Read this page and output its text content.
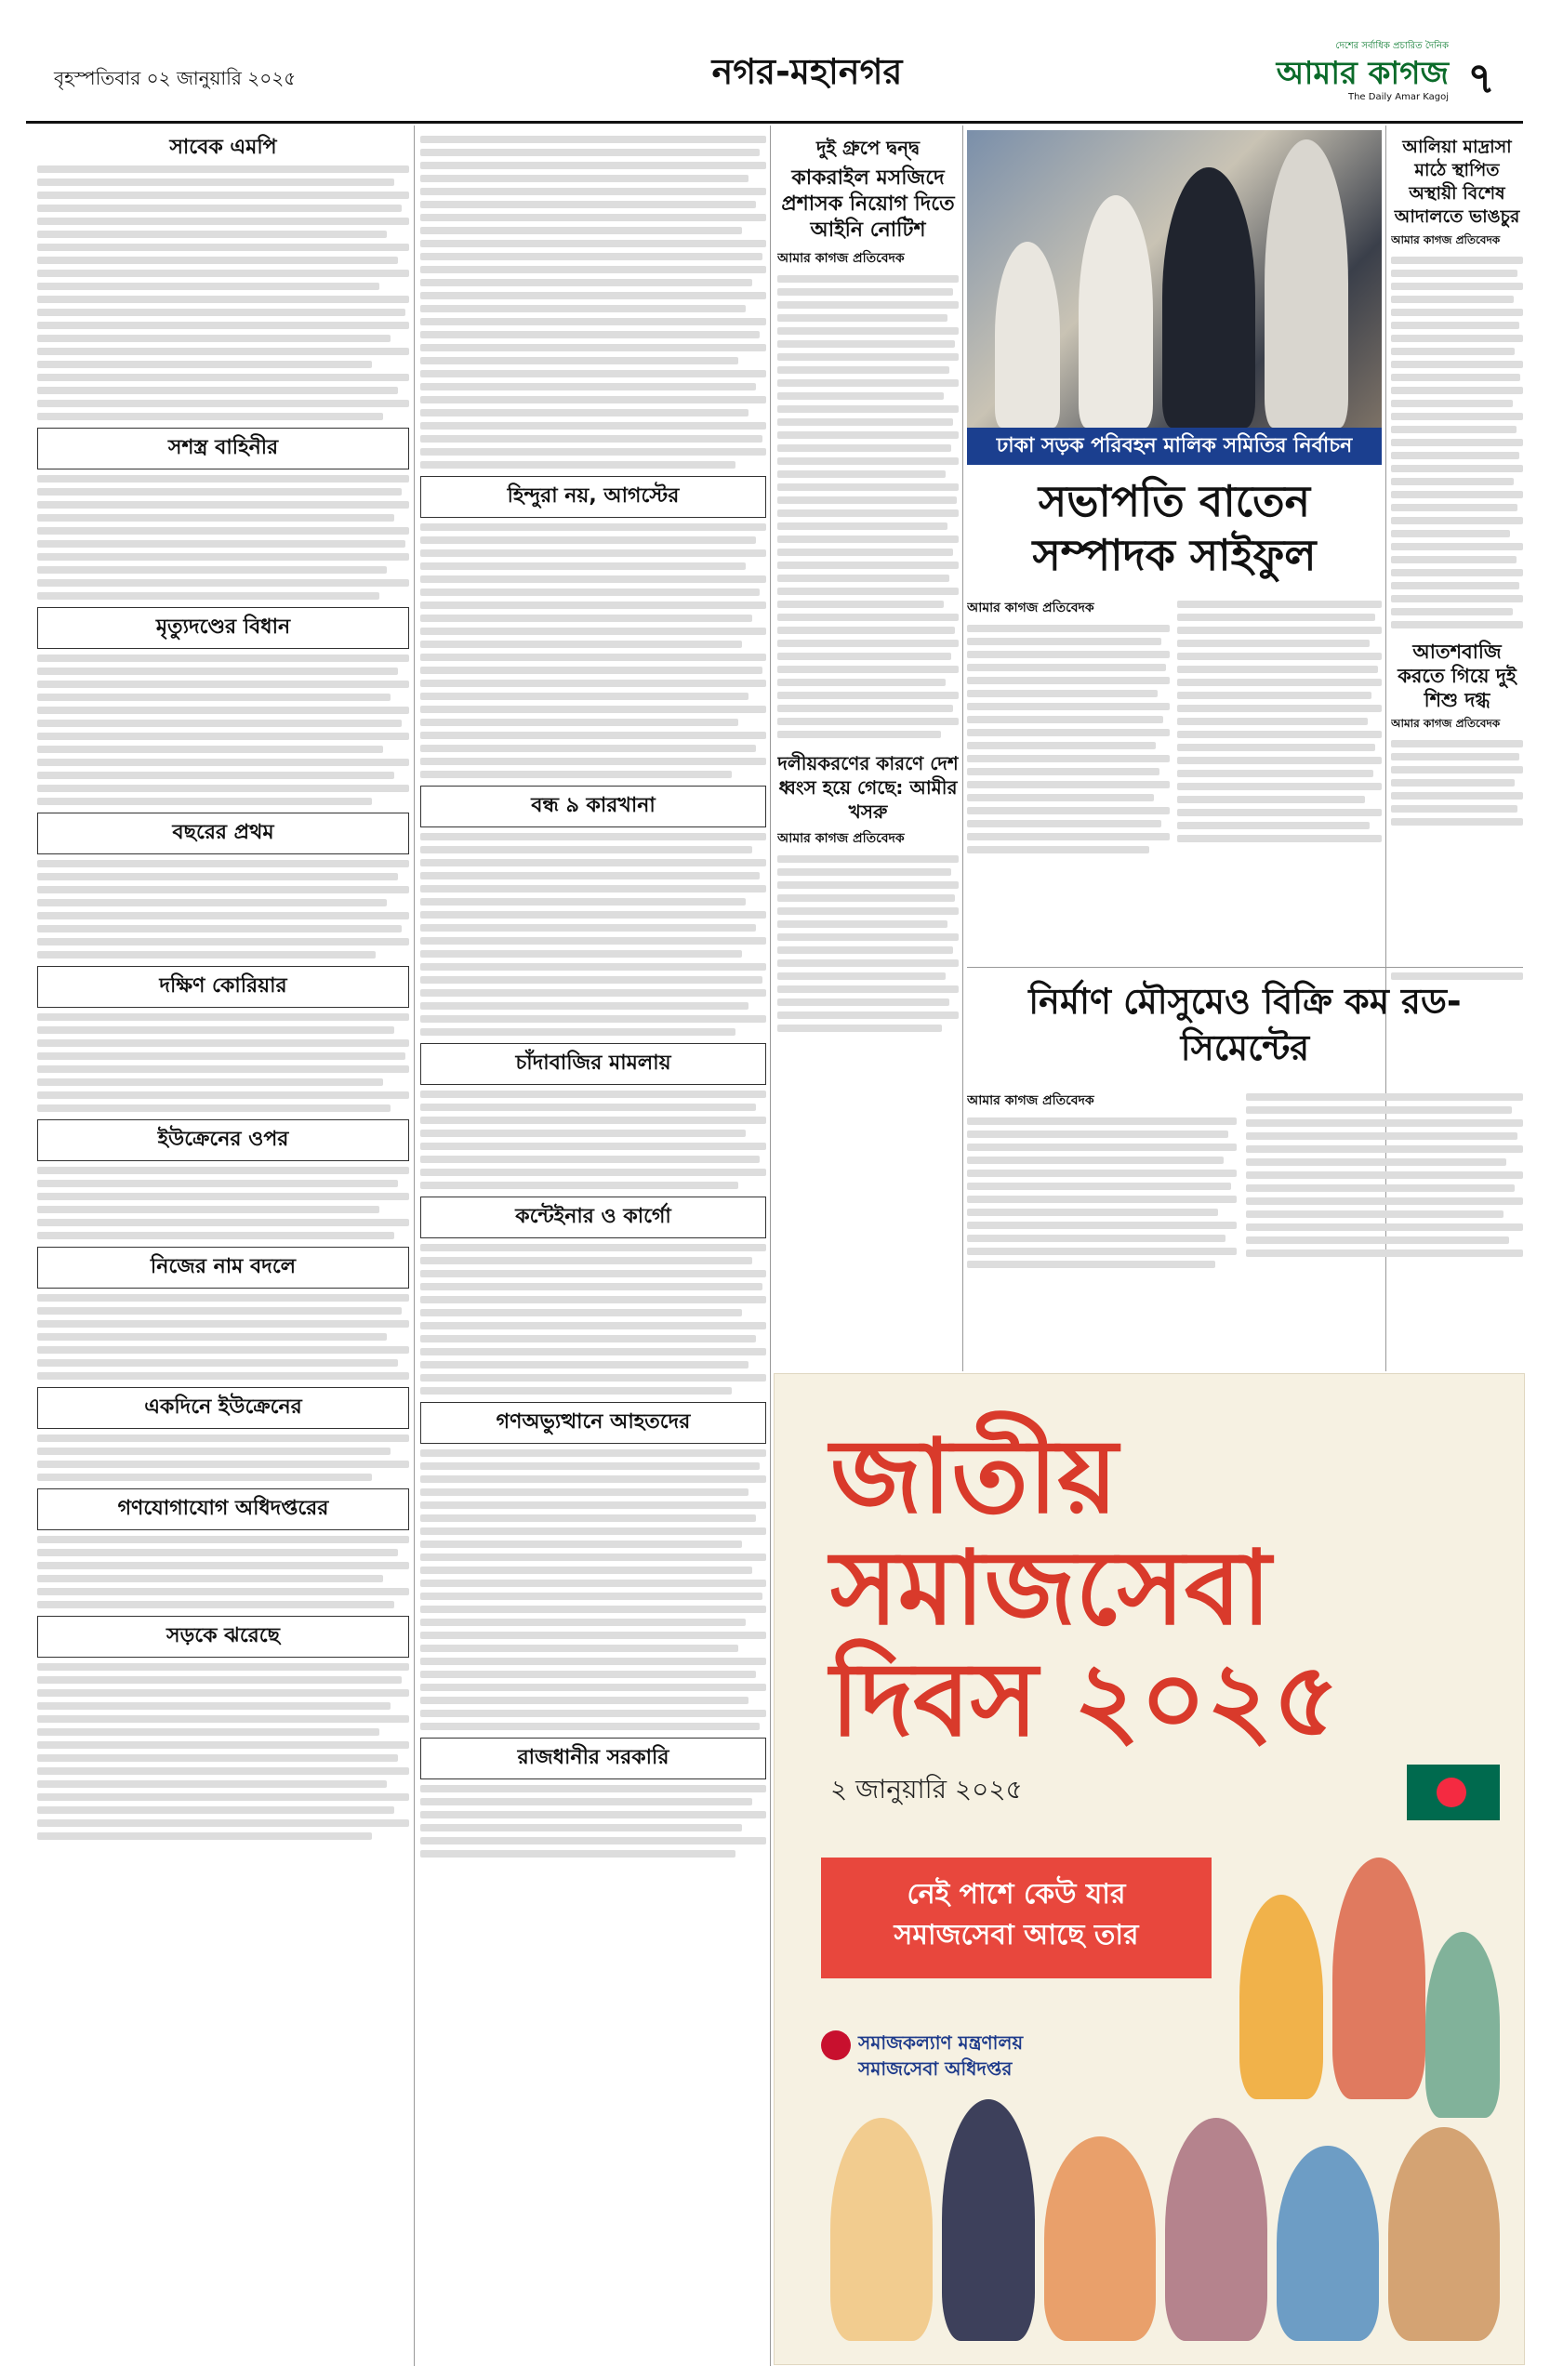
বৃহস্পতিবার ০২ জানুয়ারি ২০২৫	নগর-মহানগর
দেশের সর্বাধিক প্রচারিত দৈনিক
আমার কাগজ
The Daily Amar Kagoj ৭
সাবেক এমপি
সশস্ত্র বাহিনীর
মৃত্যুদণ্ডের বিধান
বছরের প্রথম
দক্ষিণ কোরিয়ার
ইউক্রেনের ওপর
নিজের নাম বদলে
একদিনে ইউক্রেনের
গণযোগাযোগ অধিদপ্তরের
সড়কে ঝরেছে
হিন্দুরা নয়, আগস্টের
বন্ধ ৯ কারখানা
চাঁদাবাজির মামলায়
কন্টেইনার ও কার্গো
গণঅভ্যুত্থানে আহতদের
রাজধানীর সরকারি
দুই গ্রুপে দ্বন্দ্ব
কাকরাইল মসজিদে প্রশাসক নিয়োগ দিতে আইনি নোটিশ
আমার কাগজ প্রতিবেদক
দলীয়করণের কারণে দেশ ধ্বংস হয়ে গেছে: আমীর খসরু
আমার কাগজ প্রতিবেদক
ঢাকা সড়ক পরিবহন মালিক সমিতির নির্বাচন
সভাপতি বাতেন সম্পাদক সাইফুল
আমার কাগজ প্রতিবেদক
নির্মাণ মৌসুমেও বিক্রি কম রড-সিমেন্টের
আমার কাগজ প্রতিবেদক
আলিয়া মাদ্রাসা মাঠে স্থাপিত অস্থায়ী বিশেষ আদালতে ভাঙচুর
আমার কাগজ প্রতিবেদক
আতশবাজি করতে গিয়ে দুই শিশু দগ্ধ
আমার কাগজ প্রতিবেদক
জাতীয়
সমাজসেবা
দিবস ২০২৫
২ জানুয়ারি ২০২৫
নেই পাশে কেউ যার
সমাজসেবা আছে তার
সমাজকল্যাণ মন্ত্রণালয়
সমাজসেবা অধিদপ্তর
